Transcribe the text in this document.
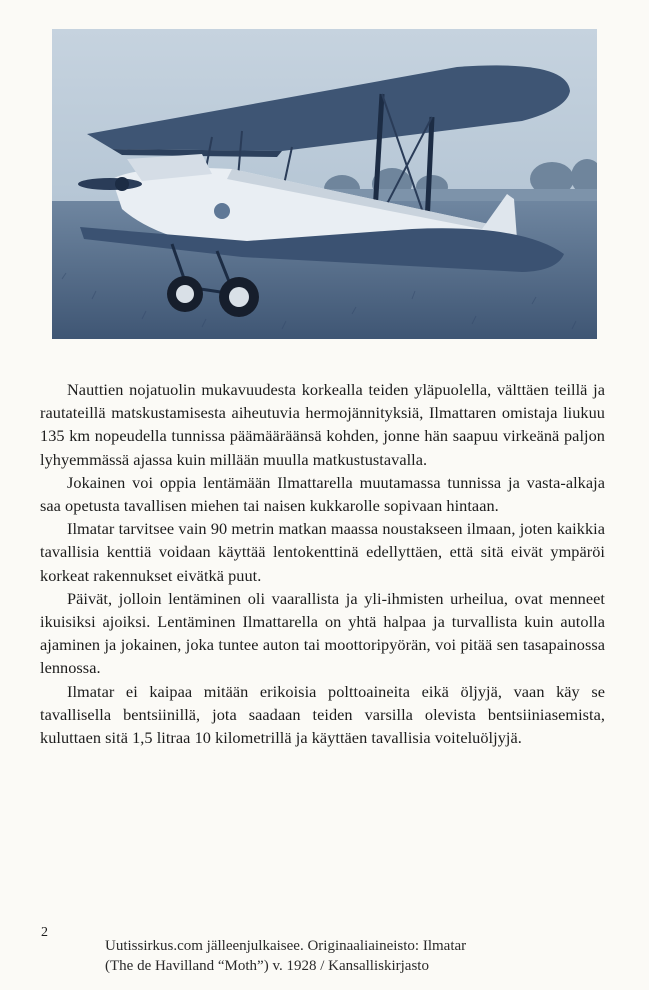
Nauttien nojatuolin mukavuudesta korkealla teiden yläpuolella, välttäen teillä ja rautateillä matskustamisesta aiheutuvia hermojännityksiä, Ilmattaren omistaja liukuu 135 km nopeudella tunnissa päämääräänsä kohden, jonne hän saapuu virkeänä paljon lyhyemmässä ajassa kuin millään muulla matkustustavalla.

Jokainen voi oppia lentämään Ilmattarella muutamassa tunnissa ja vasta-alkaja saa opetusta tavallisen miehen tai naisen kukkarolle sopivaan hintaan.

Ilmatar tarvitsee vain 90 metrin matkan maassa noustakseen ilmaan, joten kaikkia tavallisia kenttiä voidaan käyttää lentokenttinä edellyttäen, että sitä eivät ympäröi korkeat rakennukset eivätkä puut.

Päivät, jolloin lentäminen oli vaarallista ja yli-ihmisten urheilua, ovat menneet ikuisiksi ajoiksi. Lentäminen Ilmattarella on yhtä halpaa ja turvallista kuin autolla ajaminen ja jokainen, joka tuntee auton tai moottoripyörän, voi pitää sen tasapainossa lennossa.

Ilmatar ei kaipaa mitään erikoisia polttoaineita eikä öljyjä, vaan käy se tavallisella bentsiinillä, jota saadaan teiden varsilla olevista bentsiiniasemista, kuluttaen sitä 1,5 litraa 10 kilometrillä ja käyttäen tavallisia voiteluöljyjä.

2
Uutissirkus.com jälleenjulkaisee. Originaaliaineisto: Ilmatar
(The de Havilland “Moth”) v. 1928 / Kansalliskirjasto
